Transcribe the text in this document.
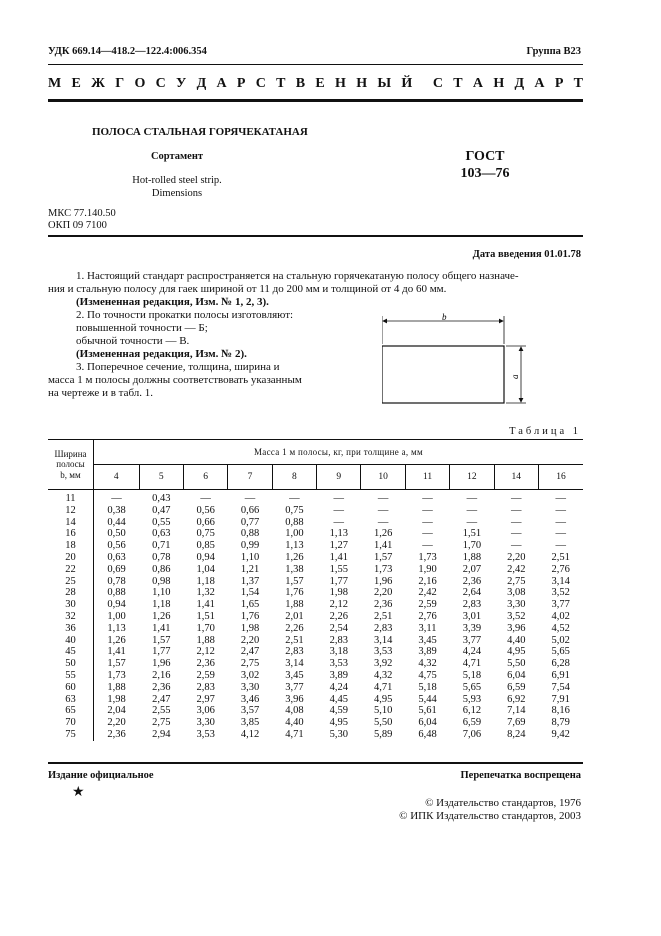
УДК 669.14—418.2—122.4:006.354	Группа В23
М Е Ж Г О С У Д А Р С Т В Е Н Н Ы Й С Т А Н Д А Р Т
ПОЛОСА СТАЛЬНАЯ ГОРЯЧЕКАТАНАЯ
Сортамент
Hot-rolled steel strip.
Dimensions
ГОСТ
103—76
МКС 77.140.50
ОКП 09 7100
Дата введения 01.01.78
1. Настоящий стандарт распространяется на стальную горячекатаную полосу общего назначе-
ния и стальную полосу для гаек шириной от 11 до 200 мм и толщиной от 4 до 60 мм.
(Измененная редакция, Изм. № 1, 2, 3).
2. По точности прокатки полосы изготовляют:
повышенной точности — Б;
обычной точности — В.
(Измененная редакция, Изм. № 2).
3. Поперечное сечение, толщина, ширина и
масса 1 м полосы должны соответствовать указанным
на чертеже и в табл. 1.
b
a
Таблица 1
Ширина
полосы
b, мм	Масса 1 м полосы, кг, при толщине a, мм										
	4	5	6	7	8	9	10	11	12	14	16
11	—	0,43	—	—	—	—	—	—	—	—	—
12	0,38	0,47	0,56	0,66	0,75	—	—	—	—	—	—
14	0,44	0,55	0,66	0,77	0,88	—	—	—	—	—	—
16	0,50	0,63	0,75	0,88	1,00	1,13	1,26	—	1,51	—	—
18	0,56	0,71	0,85	0,99	1,13	1,27	1,41	—	1,70	—	—
20	0,63	0,78	0,94	1,10	1,26	1,41	1,57	1,73	1,88	2,20	2,51
22	0,69	0,86	1,04	1,21	1,38	1,55	1,73	1,90	2,07	2,42	2,76
25	0,78	0,98	1,18	1,37	1,57	1,77	1,96	2,16	2,36	2,75	3,14
28	0,88	1,10	1,32	1,54	1,76	1,98	2,20	2,42	2,64	3,08	3,52
30	0,94	1,18	1,41	1,65	1,88	2,12	2,36	2,59	2,83	3,30	3,77
32	1,00	1,26	1,51	1,76	2,01	2,26	2,51	2,76	3,01	3,52	4,02
36	1,13	1,41	1,70	1,98	2,26	2,54	2,83	3,11	3,39	3,96	4,52
40	1,26	1,57	1,88	2,20	2,51	2,83	3,14	3,45	3,77	4,40	5,02
45	1,41	1,77	2,12	2,47	2,83	3,18	3,53	3,89	4,24	4,95	5,65
50	1,57	1,96	2,36	2,75	3,14	3,53	3,92	4,32	4,71	5,50	6,28
55	1,73	2,16	2,59	3,02	3,45	3,89	4,32	4,75	5,18	6,04	6,91
60	1,88	2,36	2,83	3,30	3,77	4,24	4,71	5,18	5,65	6,59	7,54
63	1,98	2,47	2,97	3,46	3,96	4,45	4,95	5,44	5,93	6,92	7,91
65	2,04	2,55	3,06	3,57	4,08	4,59	5,10	5,61	6,12	7,14	8,16
70	2,20	2,75	3,30	3,85	4,40	4,95	5,50	6,04	6,59	7,69	8,79
75	2,36	2,94	3,53	4,12	4,71	5,30	5,89	6,48	7,06	8,24	9,42
Издание официальное	Перепечатка воспрещена
★
© Издательство стандартов, 1976
© ИПК Издательство стандартов, 2003
